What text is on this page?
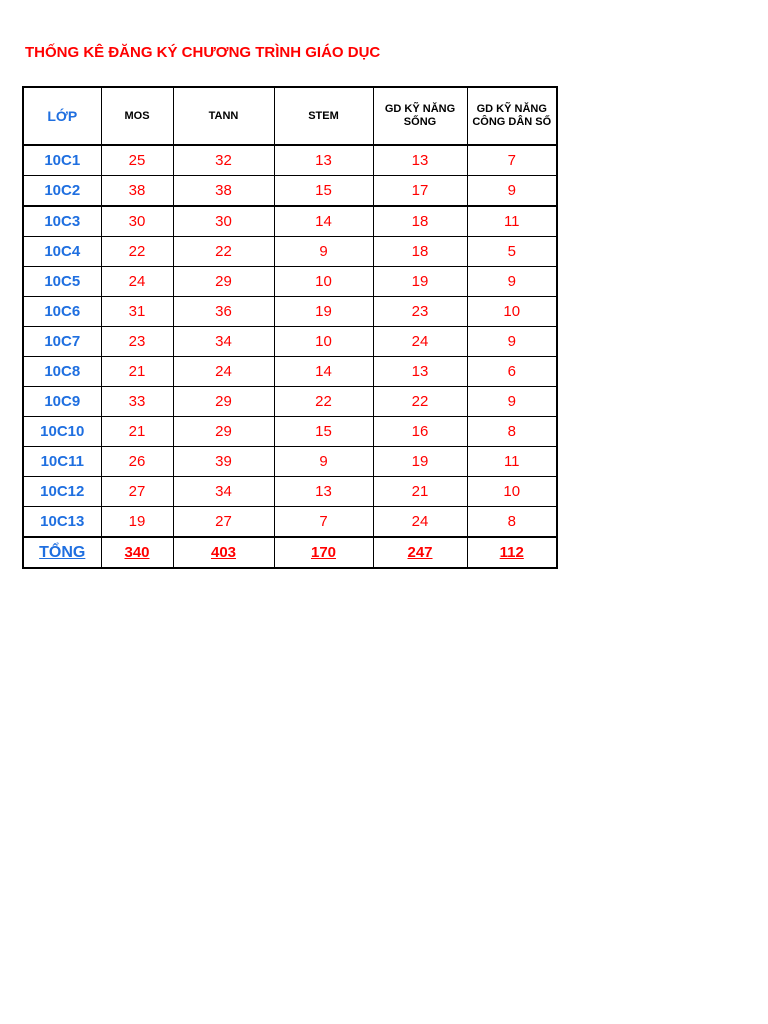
THỐNG KÊ ĐĂNG KÝ CHƯƠNG TRÌNH GIÁO DỤC
LỚP	MOS	TANN	STEM	GD KỸ NĂNG SỐNG	GD KỸ NĂNG CÔNG DÂN SỐ
10C1	25	32	13	13	7
10C2	38	38	15	17	9
10C3	30	30	14	18	11
10C4	22	22	9	18	5
10C5	24	29	10	19	9
10C6	31	36	19	23	10
10C7	23	34	10	24	9
10C8	21	24	14	13	6
10C9	33	29	22	22	9
10C10	21	29	15	16	8
10C11	26	39	9	19	11
10C12	27	34	13	21	10
10C13	19	27	7	24	8
TỔNG	340	403	170	247	112
